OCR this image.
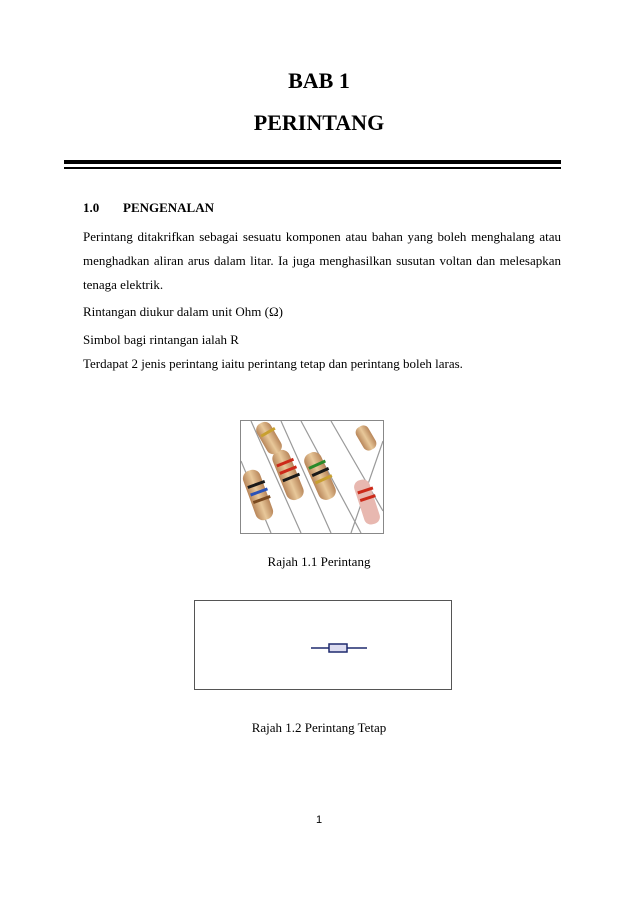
BAB 1
PERINTANG
1.0 PENGENALAN
Perintang ditakrifkan sebagai sesuatu komponen atau bahan yang boleh menghalang atau menghadkan aliran arus dalam litar. Ia juga menghasilkan susutan voltan dan melesapkan tenaga elektrik.
Rintangan diukur dalam unit Ohm (Ω)
Simbol bagi rintangan ialah R
Terdapat 2 jenis perintang iaitu perintang tetap dan perintang boleh laras.
Rajah 1.1 Perintang
Rajah 1.2 Perintang Tetap
1
